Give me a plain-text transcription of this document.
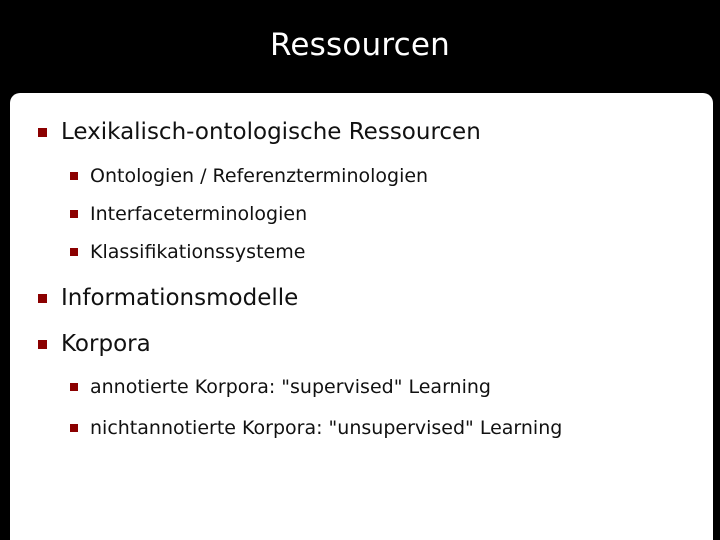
Ressourcen
Lexikalisch-ontologische Ressourcen
Ontologien / Referenzterminologien
Interfaceterminologien
Klassifikationssysteme
Informationsmodelle
Korpora
annotierte Korpora: "supervised" Learning
nichtannotierte Korpora: "unsupervised" Learning
